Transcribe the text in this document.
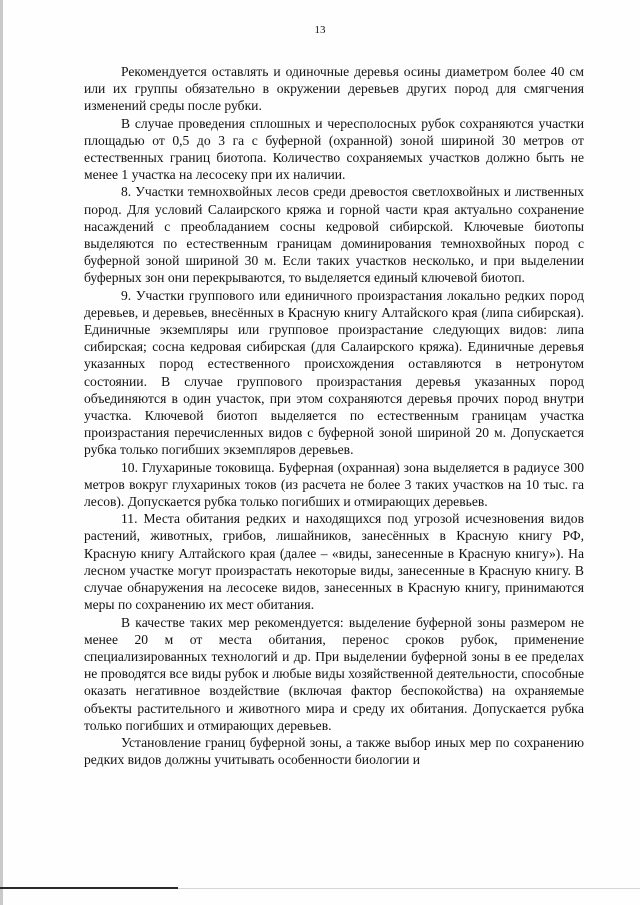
13

Рекомендуется оставлять и одиночные деревья осины диаметром более 40 см или их группы обязательно в окружении деревьев других пород для смягчения изменений среды после рубки.

В случае проведения сплошных и чересполосных рубок сохраняются участки площадью от 0,5 до 3 га с буферной (охранной) зоной шириной 30 метров от естественных границ биотопа. Количество сохраняемых участков должно быть не менее 1 участка на лесосеку при их наличии.

8. Участки темнохвойных лесов среди древостоя светлохвойных и лиственных пород. Для условий Салаирского кряжа и горной части края актуально сохранение насаждений с преобладанием сосны кедровой сибирской. Ключевые биотопы выделяются по естественным границам доминирования темнохвойных пород с буферной зоной шириной 30 м. Если таких участков несколько, и при выделении буферных зон они перекрываются, то выделяется единый ключевой биотоп.

9. Участки группового или единичного произрастания локально редких пород деревьев, и деревьев, внесённых в Красную книгу Алтайского края (липа сибирская). Единичные экземпляры или групповое произрастание следующих видов: липа сибирская; сосна кедровая сибирская (для Салаирского кряжа). Единичные деревья указанных пород естественного происхождения оставляются в нетронутом состоянии. В случае группового произрастания деревья указанных пород объединяются в один участок, при этом сохраняются деревья прочих пород внутри участка. Ключевой биотоп выделяется по естественным границам участка произрастания перечисленных видов с буферной зоной шириной 20 м. Допускается рубка только погибших экземпляров деревьев.

10. Глухариные токовища. Буферная (охранная) зона выделяется в радиусе 300 метров вокруг глухариных токов (из расчета не более 3 таких участков на 10 тыс. га лесов). Допускается рубка только погибших и отмирающих деревьев.

11. Места обитания редких и находящихся под угрозой исчезновения видов растений, животных, грибов, лишайников, занесённых в Красную книгу РФ, Красную книгу Алтайского края (далее – «виды, занесенные в Красную книгу»). На лесном участке могут произрастать некоторые виды, занесенные в Красную книгу. В случае обнаружения на лесосеке видов, занесенных в Красную книгу, принимаются меры по сохранению их мест обитания.

В качестве таких мер рекомендуется: выделение буферной зоны размером не менее 20 м от места обитания, перенос сроков рубок, применение специализированных технологий и др. При выделении буферной зоны в ее пределах не проводятся все виды рубок и любые виды хозяйственной деятельности, способные оказать негативное воздействие (включая фактор беспокойства) на охраняемые объекты растительного и животного мира и среду их обитания. Допускается рубка только погибших и отмирающих деревьев.

Установление границ буферной зоны, а также выбор иных мер по сохранению редких видов должны учитывать особенности биологии и
